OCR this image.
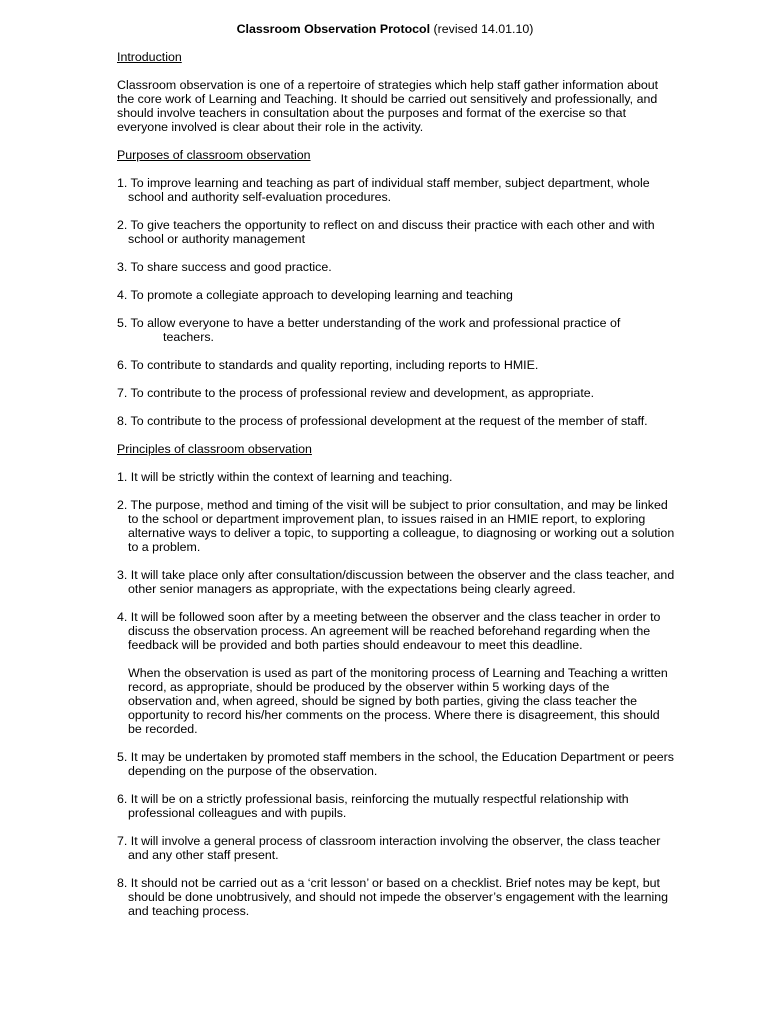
Classroom Observation Protocol (revised 14.01.10)
Introduction
Classroom observation is one of a repertoire of strategies which help staff gather information about
the core work of Learning and Teaching. It should be carried out sensitively and professionally, and
should involve teachers in consultation about the purposes and format of the exercise so that
everyone involved is clear about their role in the activity.
Purposes of classroom observation
1. To improve learning and teaching as part of individual staff member, subject department, whole
school and authority self-evaluation procedures.
2. To give teachers the opportunity to reflect on and discuss their practice with each other and with
school or authority management
3. To share success and good practice.
4. To promote a collegiate approach to developing learning and teaching
5. To allow everyone to have a better understanding of the work and professional practice of
teachers.
6. To contribute to standards and quality reporting, including reports to HMIE.
7. To contribute to the process of professional review and development, as appropriate.
8. To contribute to the process of professional development at the request of the member of staff.
Principles of classroom observation
1. It will be strictly within the context of learning and teaching.
2. The purpose, method and timing of the visit will be subject to prior consultation, and may be linked
to the school or department improvement plan, to issues raised in an HMIE report, to exploring
alternative ways to deliver a topic, to supporting a colleague, to diagnosing or working out a solution
to a problem.
3. It will take place only after consultation/discussion between the observer and the class teacher, and
other senior managers as appropriate, with the expectations being clearly agreed.
4. It will be followed soon after by a meeting between the observer and the class teacher in order to
discuss the observation process. An agreement will be reached beforehand regarding when the
feedback will be provided and both parties should endeavour to meet this deadline.
When the observation is used as part of the monitoring process of Learning and Teaching a written
record, as appropriate, should be produced by the observer within 5 working days of the
observation and, when agreed, should be signed by both parties, giving the class teacher the
opportunity to record his/her comments on the process. Where there is disagreement, this should
be recorded.
5. It may be undertaken by promoted staff members in the school, the Education Department or peers
depending on the purpose of the observation.
6. It will be on a strictly professional basis, reinforcing the mutually respectful relationship with
professional colleagues and with pupils.
7. It will involve a general process of classroom interaction involving the observer, the class teacher
and any other staff present.
8. It should not be carried out as a ‘crit lesson’ or based on a checklist. Brief notes may be kept, but
should be done unobtrusively, and should not impede the observer’s engagement with the learning
and teaching process.
